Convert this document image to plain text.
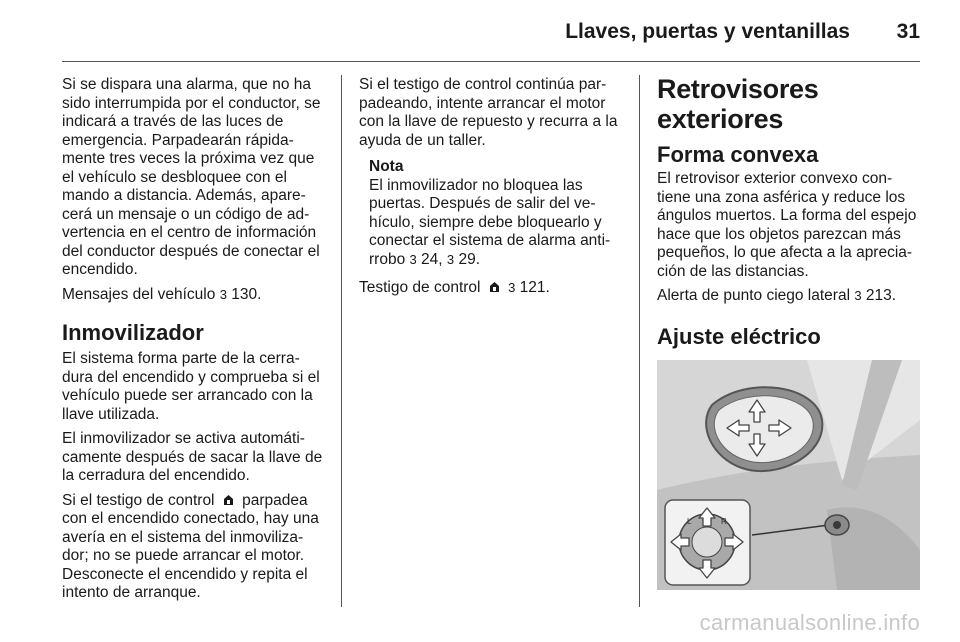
Llaves, puertas y ventanillas 31

Si se dispara una alarma, que no ha sido interrumpida por el conductor, se indicará a través de las luces de emergencia. Parpadearán rápida-mente tres veces la próxima vez que el vehículo se desbloquee con el mando a distancia. Además, apare-cerá un mensaje o un código de ad-vertencia en el centro de información del conductor después de conectar el encendido.

Mensajes del vehículo 3 130.

Inmovilizador

El sistema forma parte de la cerra-dura del encendido y comprueba si el vehículo puede ser arrancado con la llave utilizada.

El inmovilizador se activa automáti-camente después de sacar la llave de la cerradura del encendido.

Si el testigo de control parpadea con el encendido conectado, hay una avería en el sistema del inmoviliza-dor; no se puede arrancar el motor. Desconecte el encendido y repita el intento de arranque.

Si el testigo de control continúa par-padeando, intente arrancar el motor con la llave de repuesto y recurra a la ayuda de un taller.

Nota
El inmovilizador no bloquea las puertas. Después de salir del ve-hículo, siempre debe bloquearlo y conectar el sistema de alarma anti-rrobo 3 24, 3 29.

Testigo de control 3 121.

Retrovisores exteriores
Forma convexa

El retrovisor exterior convexo con-tiene una zona asférica y reduce los ángulos muertos. La forma del espejo hace que los objetos parezcan más pequeños, lo que afecta a la aprecia-ción de las distancias.

Alerta de punto ciego lateral 3 213.

Ajuste eléctrico
L	R
carmanualsonline.info
